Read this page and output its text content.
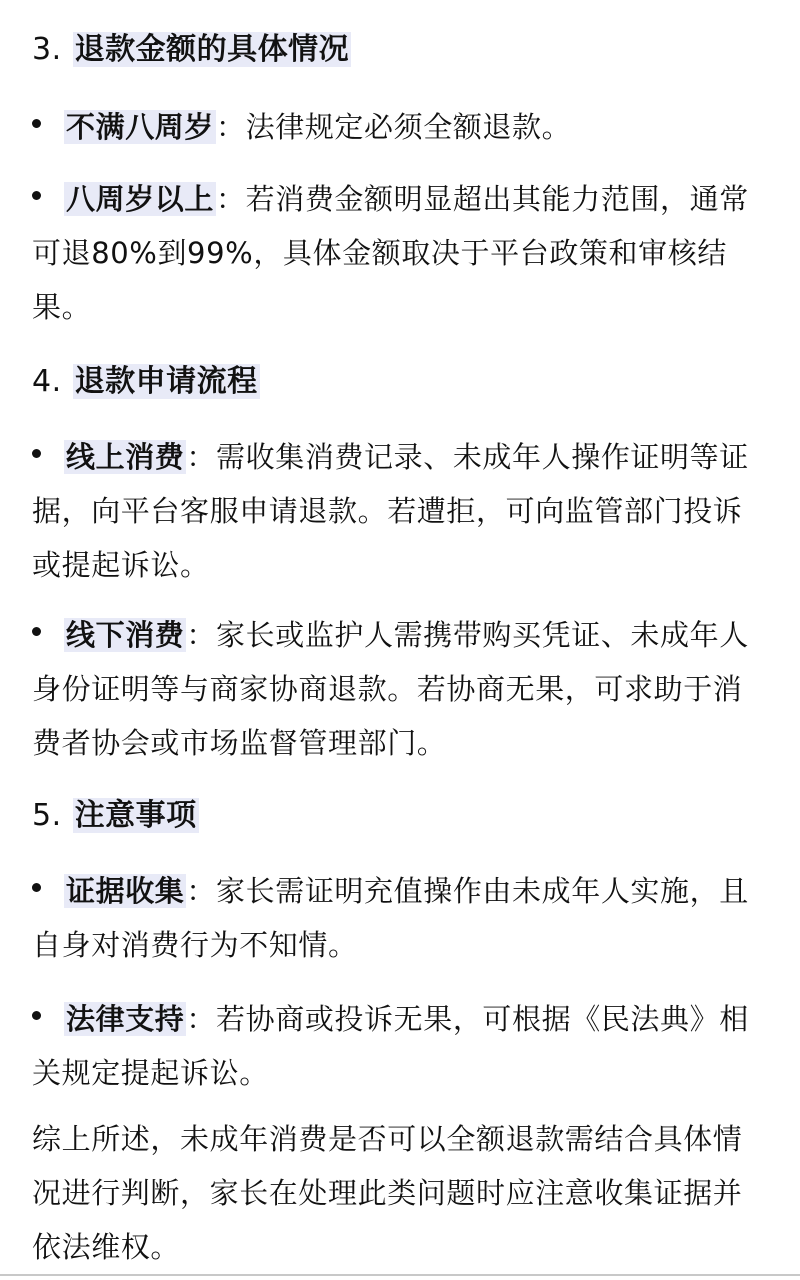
3. 退款金额的具体情况
不满八周岁：法律规定必须全额退款。
八周岁以上：若消费金额明显超出其能力范围，通常
可退80%到99%，具体金额取决于平台政策和审核结
果。
4. 退款申请流程
线上消费：需收集消费记录、未成年人操作证明等证
据，向平台客服申请退款。若遭拒，可向监管部门投诉
或提起诉讼。
线下消费：家长或监护人需携带购买凭证、未成年人
身份证明等与商家协商退款。若协商无果，可求助于消
费者协会或市场监督管理部门。
5. 注意事项
证据收集：家长需证明充值操作由未成年人实施，且
自身对消费行为不知情。
法律支持：若协商或投诉无果，可根据《民法典》相
关规定提起诉讼。
综上所述，未成年消费是否可以全额退款需结合具体情
况进行判断，家长在处理此类问题时应注意收集证据并
依法维权。
